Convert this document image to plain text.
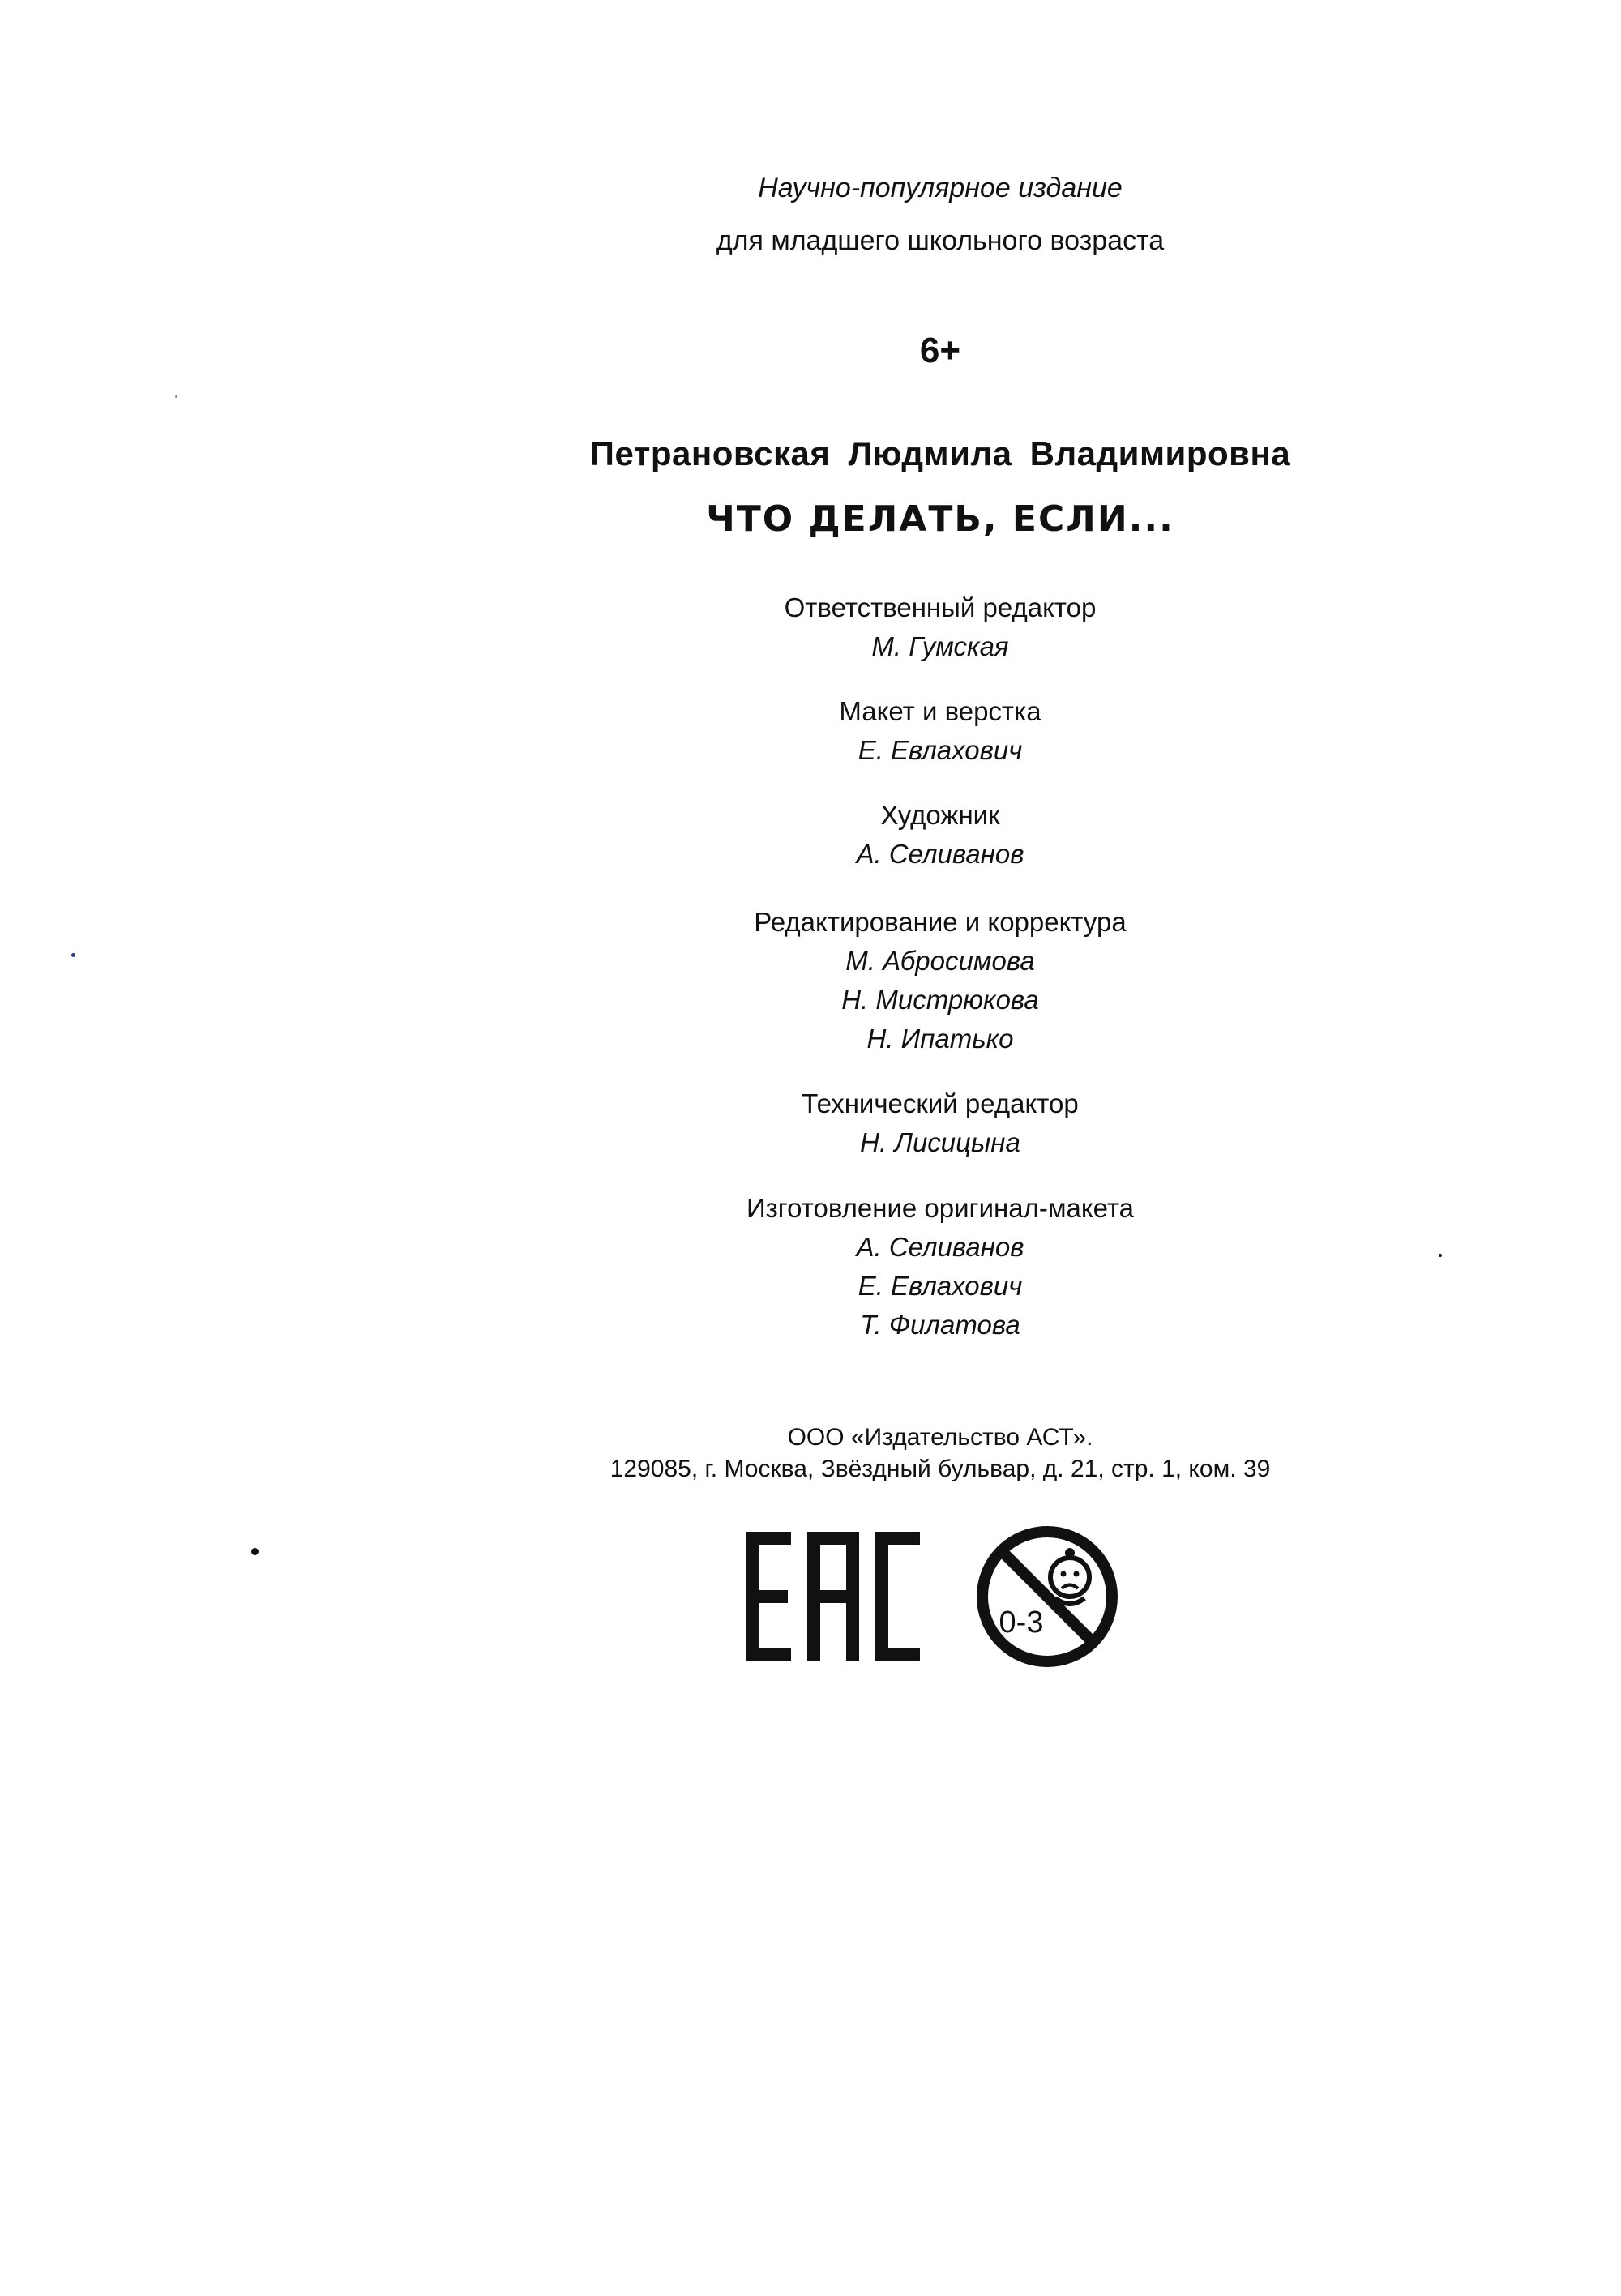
Научно-популярное издание
для младшего школьного возраста
6+
Петрановская Людмила Владимировна
ЧТО ДЕЛАТЬ, ЕСЛИ...
Ответственный редактор
М. Гумская
Макет и верстка
Е. Евлахович
Художник
А. Селиванов
Редактирование и корректура
М. Абросимова
Н. Мистрюкова
Н. Ипатько
Технический редактор
Н. Лисицына
Изготовление оригинал-макета
А. Селиванов
Е. Евлахович
Т. Филатова
ООО «Издательство АСТ».
129085, г. Москва, Звёздный бульвар, д. 21, стр. 1, ком. 39
0-3
